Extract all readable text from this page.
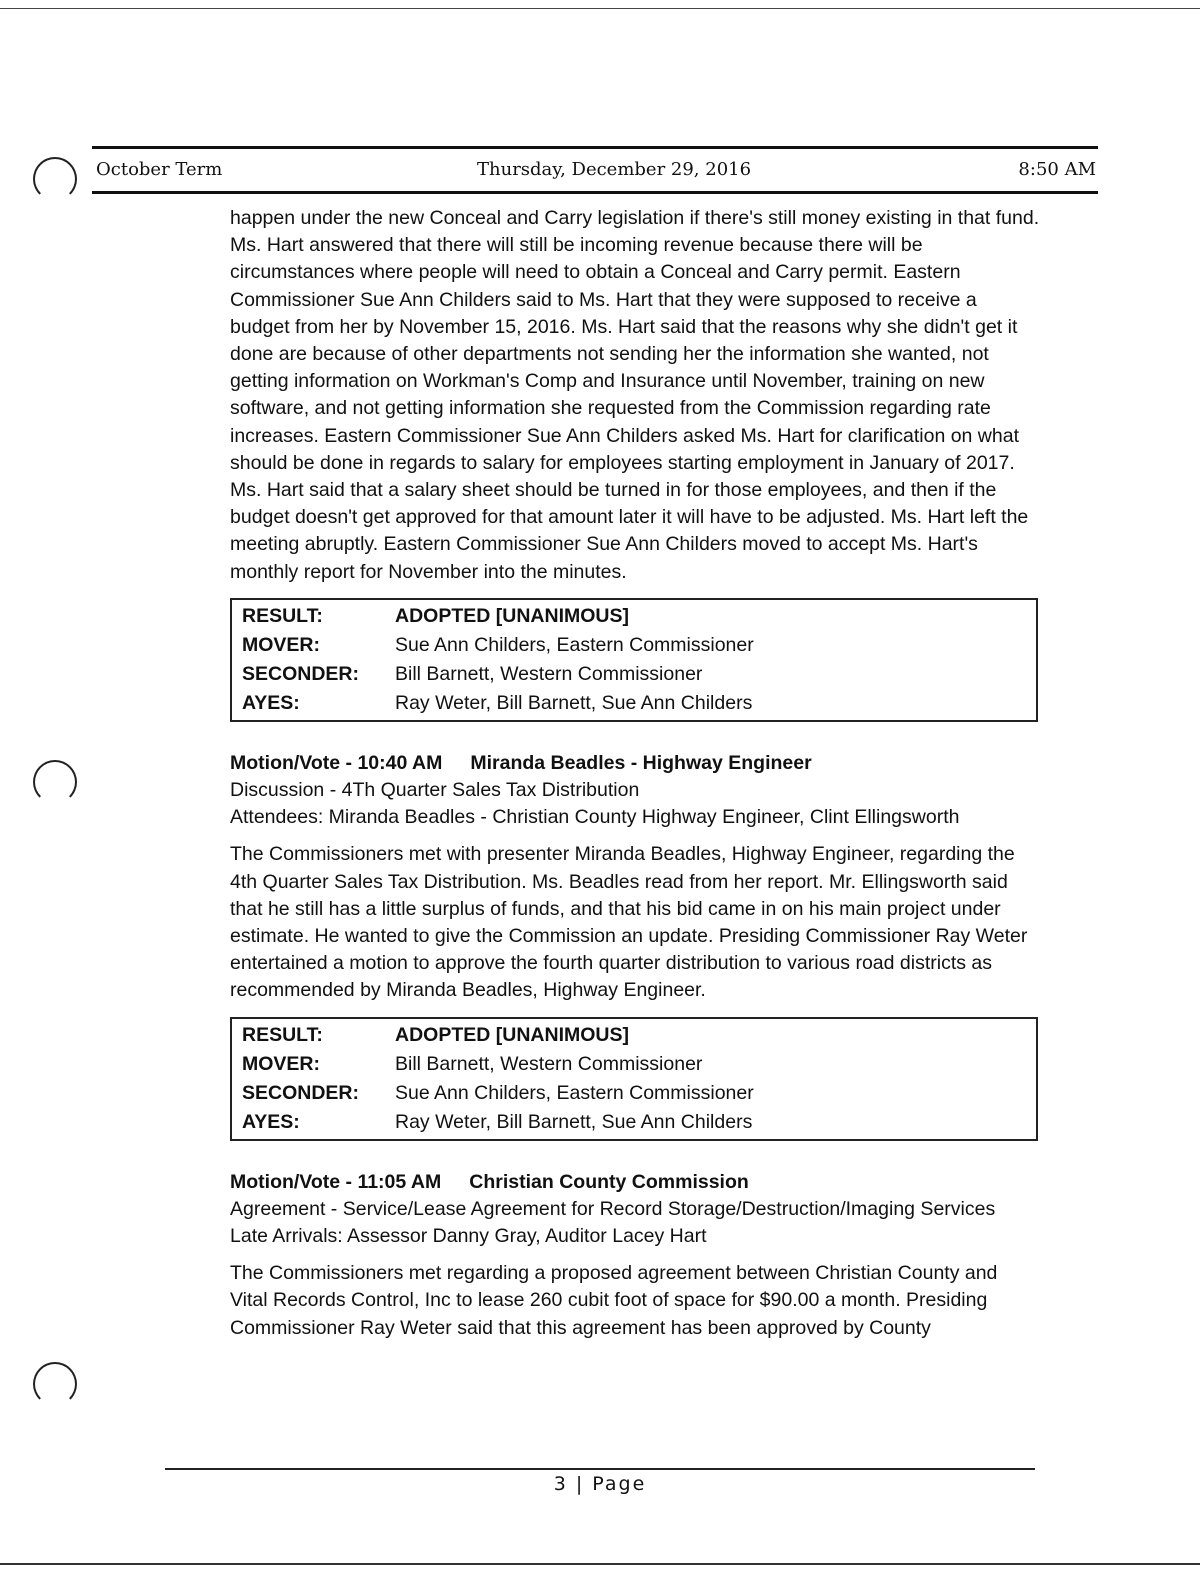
October Term	Thursday, December 29, 2016	8:50 AM

happen under the new Conceal and Carry legislation if there's still money existing in that fund. Ms. Hart answered that there will still be incoming revenue because there will be circumstances where people will need to obtain a Conceal and Carry permit. Eastern Commissioner Sue Ann Childers said to Ms. Hart that they were supposed to receive a budget from her by November 15, 2016. Ms. Hart said that the reasons why she didn't get it done are because of other departments not sending her the information she wanted, not getting information on Workman's Comp and Insurance until November, training on new software, and not getting information she requested from the Commission regarding rate increases. Eastern Commissioner Sue Ann Childers asked Ms. Hart for clarification on what should be done in regards to salary for employees starting employment in January of 2017. Ms. Hart said that a salary sheet should be turned in for those employees, and then if the budget doesn't get approved for that amount later it will have to be adjusted. Ms. Hart left the meeting abruptly. Eastern Commissioner Sue Ann Childers moved to accept Ms. Hart's monthly report for November into the minutes.

RESULT:	ADOPTED [UNANIMOUS]
MOVER:	Sue Ann Childers, Eastern Commissioner
SECONDER:	Bill Barnett, Western Commissioner
AYES:	Ray Weter, Bill Barnett, Sue Ann Childers
Motion/Vote - 10:40 AM Miranda Beadles - Highway Engineer
Discussion - 4Th Quarter Sales Tax Distribution
Attendees: Miranda Beadles - Christian County Highway Engineer, Clint Ellingsworth

The Commissioners met with presenter Miranda Beadles, Highway Engineer, regarding the 4th Quarter Sales Tax Distribution. Ms. Beadles read from her report. Mr. Ellingsworth said that he still has a little surplus of funds, and that his bid came in on his main project under estimate. He wanted to give the Commission an update. Presiding Commissioner Ray Weter entertained a motion to approve the fourth quarter distribution to various road districts as recommended by Miranda Beadles, Highway Engineer.

RESULT:	ADOPTED [UNANIMOUS]
MOVER:	Bill Barnett, Western Commissioner
SECONDER:	Sue Ann Childers, Eastern Commissioner
AYES:	Ray Weter, Bill Barnett, Sue Ann Childers
Motion/Vote - 11:05 AM Christian County Commission
Agreement - Service/Lease Agreement for Record Storage/Destruction/Imaging Services
Late Arrivals: Assessor Danny Gray, Auditor Lacey Hart

The Commissioners met regarding a proposed agreement between Christian County and Vital Records Control, Inc to lease 260 cubit foot of space for $90.00 a month. Presiding Commissioner Ray Weter said that this agreement has been approved by County

3 | Page
